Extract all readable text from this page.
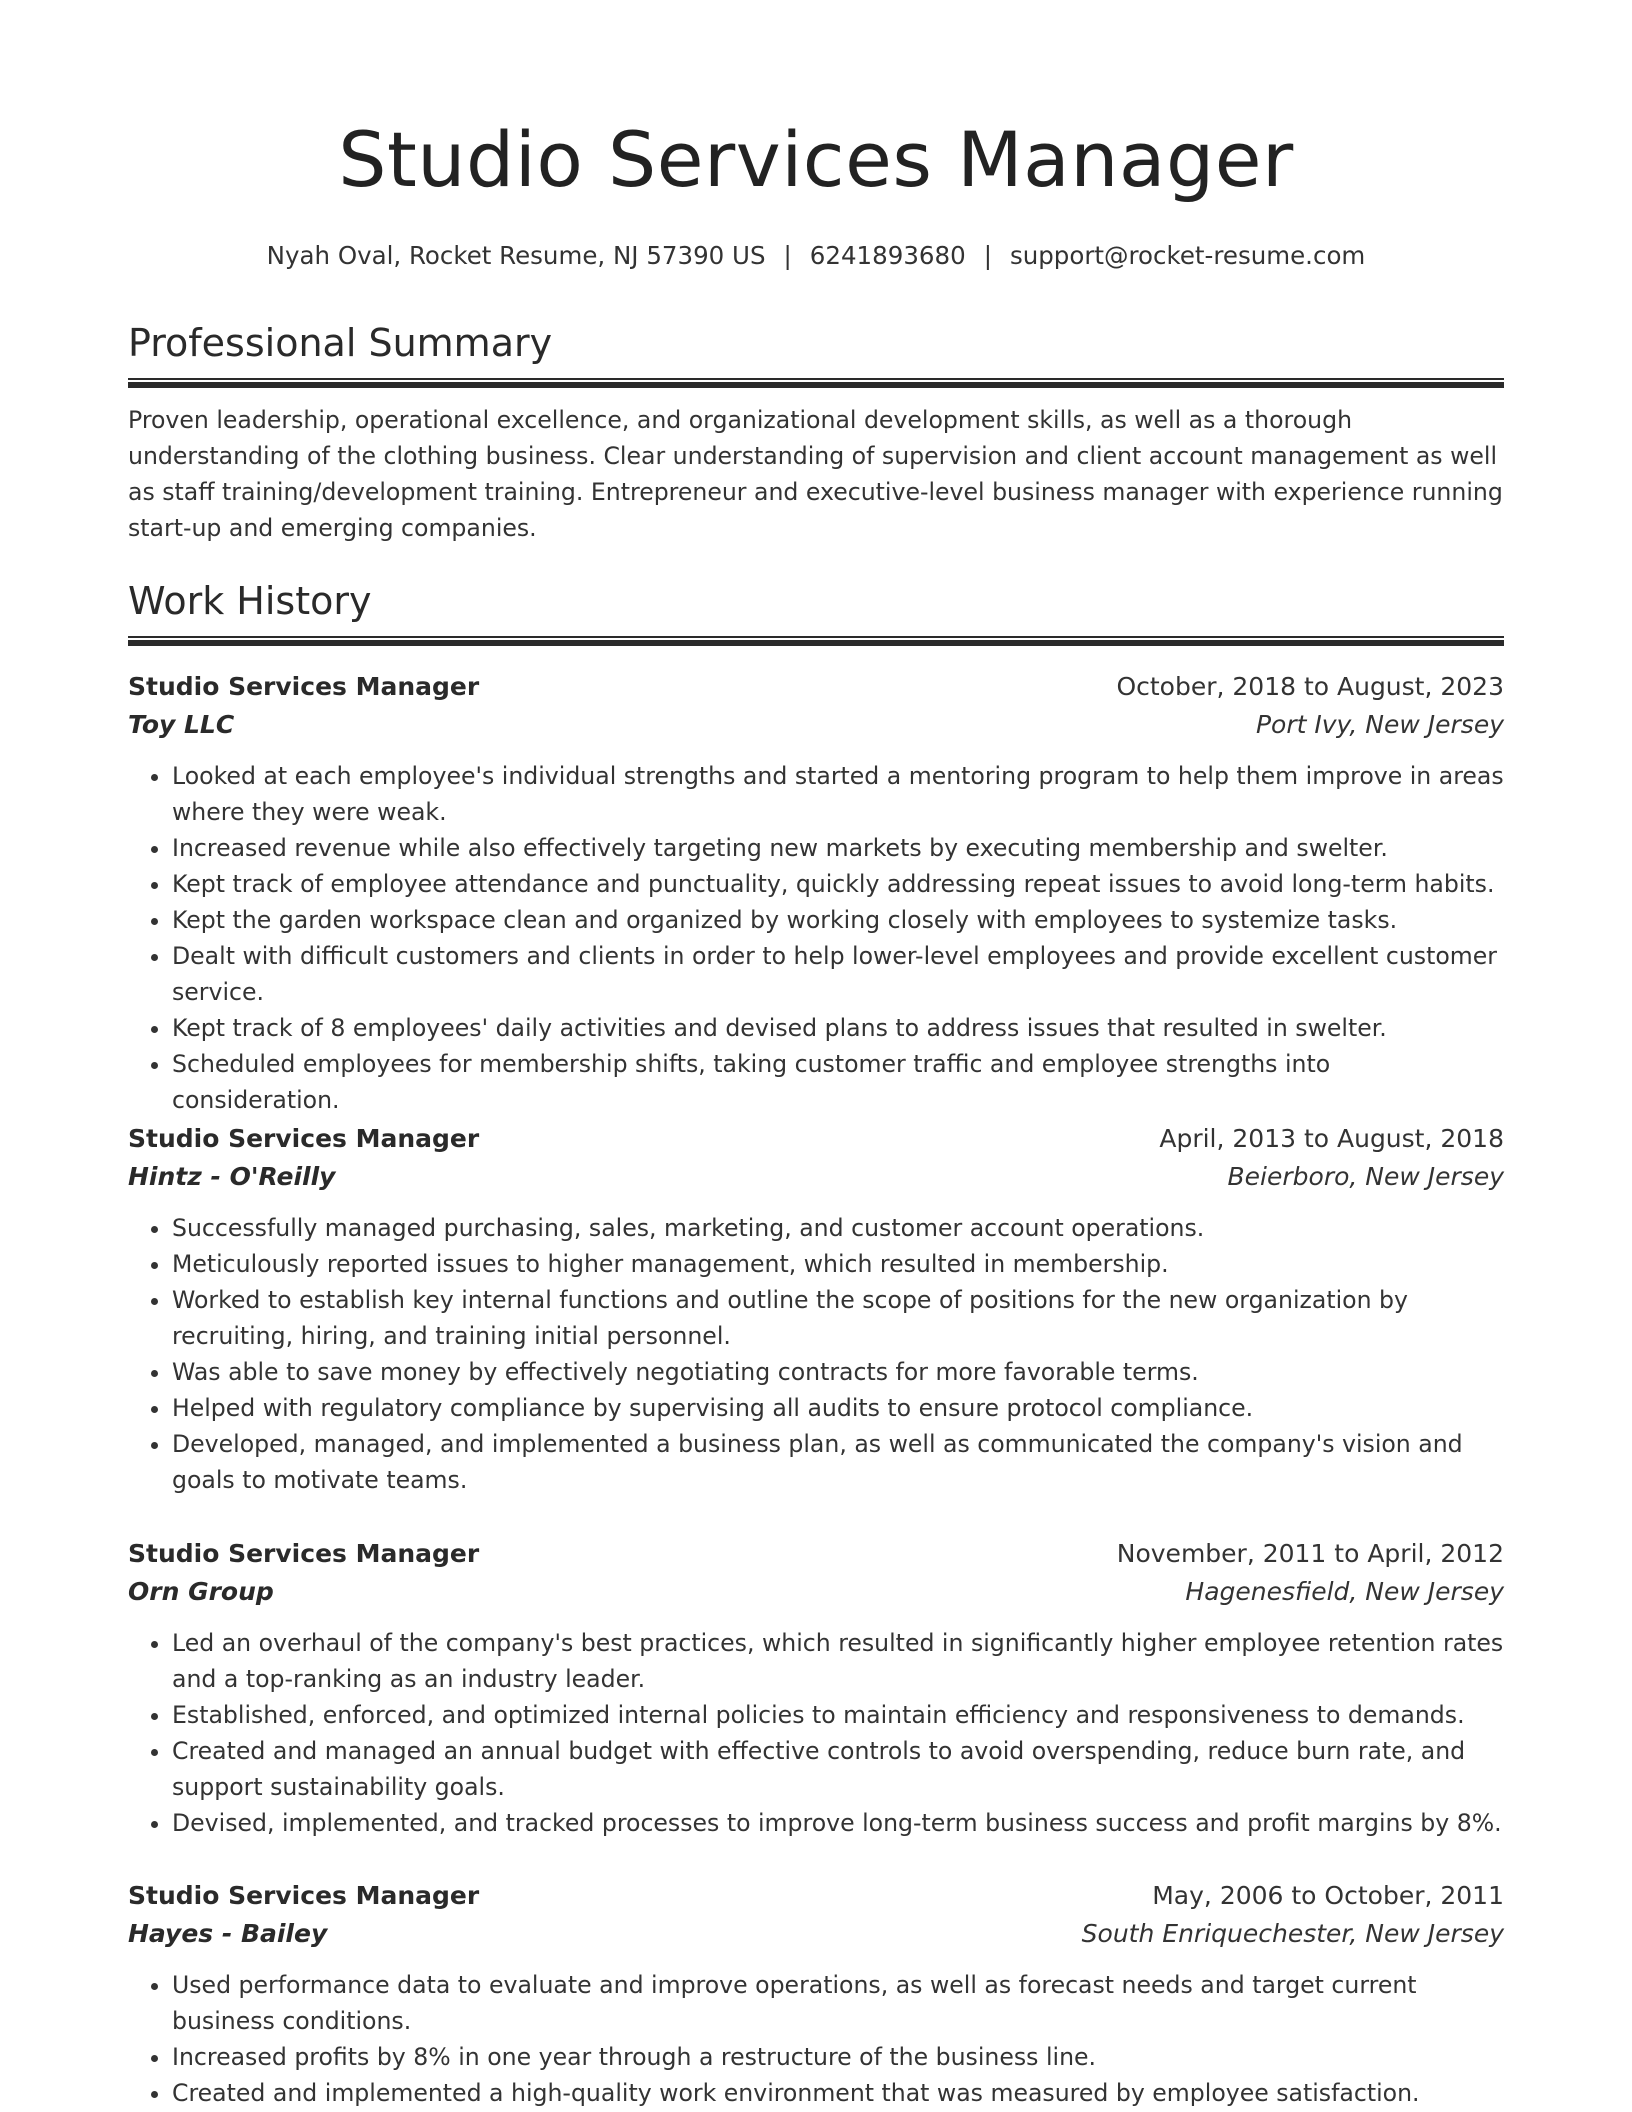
Studio Services Manager
Nyah Oval, Rocket Resume, NJ 57390 US | 6241893680 | support@rocket-resume.com
Professional Summary

Proven leadership, operational excellence, and organizational development skills, as well as a thorough understanding of the clothing business. Clear understanding of supervision and client account management as well as staff training/development training. Entrepreneur and executive-level business manager with experience running start-up and emerging companies.

Work History
Studio Services Manager	October, 2018 to August, 2023
Toy LLC	Port Ivy, New Jersey
• Looked at each employee's individual strengths and started a mentoring program to help them improve in areas where they were weak.
• Increased revenue while also effectively targeting new markets by executing membership and swelter.
• Kept track of employee attendance and punctuality, quickly addressing repeat issues to avoid long-term habits.
• Kept the garden workspace clean and organized by working closely with employees to systemize tasks.
• Dealt with difficult customers and clients in order to help lower-level employees and provide excellent customer service.
• Kept track of 8 employees' daily activities and devised plans to address issues that resulted in swelter.
• Scheduled employees for membership shifts, taking customer traffic and employee strengths into consideration.
Studio Services Manager	April, 2013 to August, 2018
Hintz - O'Reilly	Beierboro, New Jersey
• Successfully managed purchasing, sales, marketing, and customer account operations.
• Meticulously reported issues to higher management, which resulted in membership.
• Worked to establish key internal functions and outline the scope of positions for the new organization by recruiting, hiring, and training initial personnel.
• Was able to save money by effectively negotiating contracts for more favorable terms.
• Helped with regulatory compliance by supervising all audits to ensure protocol compliance.
• Developed, managed, and implemented a business plan, as well as communicated the company's vision and goals to motivate teams.
Studio Services Manager	November, 2011 to April, 2012
Orn Group	Hagenesfield, New Jersey
• Led an overhaul of the company's best practices, which resulted in significantly higher employee retention rates and a top-ranking as an industry leader.
• Established, enforced, and optimized internal policies to maintain efficiency and responsiveness to demands.
• Created and managed an annual budget with effective controls to avoid overspending, reduce burn rate, and support sustainability goals.
• Devised, implemented, and tracked processes to improve long-term business success and profit margins by 8%.
Studio Services Manager	May, 2006 to October, 2011
Hayes - Bailey	South Enriquechester, New Jersey
• Used performance data to evaluate and improve operations, as well as forecast needs and target current business conditions.
• Increased profits by 8% in one year through a restructure of the business line.
• Created and implemented a high-quality work environment that was measured by employee satisfaction.
